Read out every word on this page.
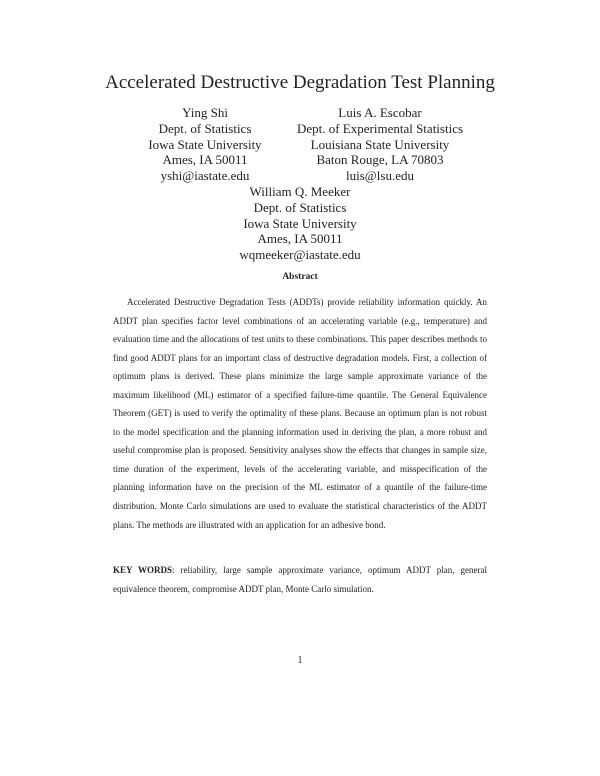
Accelerated Destructive Degradation Test Planning
Ying Shi
Dept. of Statistics
Iowa State University
Ames, IA 50011
yshi@iastate.edu
Luis A. Escobar
Dept. of Experimental Statistics
Louisiana State University
Baton Rouge, LA 70803
luis@lsu.edu
William Q. Meeker
Dept. of Statistics
Iowa State University
Ames, IA 50011
wqmeeker@iastate.edu
Abstract

Accelerated Destructive Degradation Tests (ADDTs) provide reliability information quickly. An ADDT plan specifies factor level combinations of an accelerating variable (e.g., temperature) and evaluation time and the allocations of test units to these combinations. This paper describes methods to find good ADDT plans for an important class of destructive degradation models. First, a collection of optimum plans is derived. These plans minimize the large sample approximate variance of the maximum likelihood (ML) estimator of a specified failure-time quantile. The General Equivalence Theorem (GET) is used to verify the optimality of these plans. Because an optimum plan is not robust to the model specification and the planning information used in deriving the plan, a more robust and useful compromise plan is proposed. Sensitivity analyses show the effects that changes in sample size, time duration of the experiment, levels of the accelerating variable, and misspecification of the planning information have on the precision of the ML estimator of a quantile of the failure-time distribution. Monte Carlo simulations are used to evaluate the statistical characteristics of the ADDT plans. The methods are illustrated with an application for an adhesive bond.

KEY WORDS: reliability, large sample approximate variance, optimum ADDT plan, general equivalence theorem, compromise ADDT plan, Monte Carlo simulation.

1
